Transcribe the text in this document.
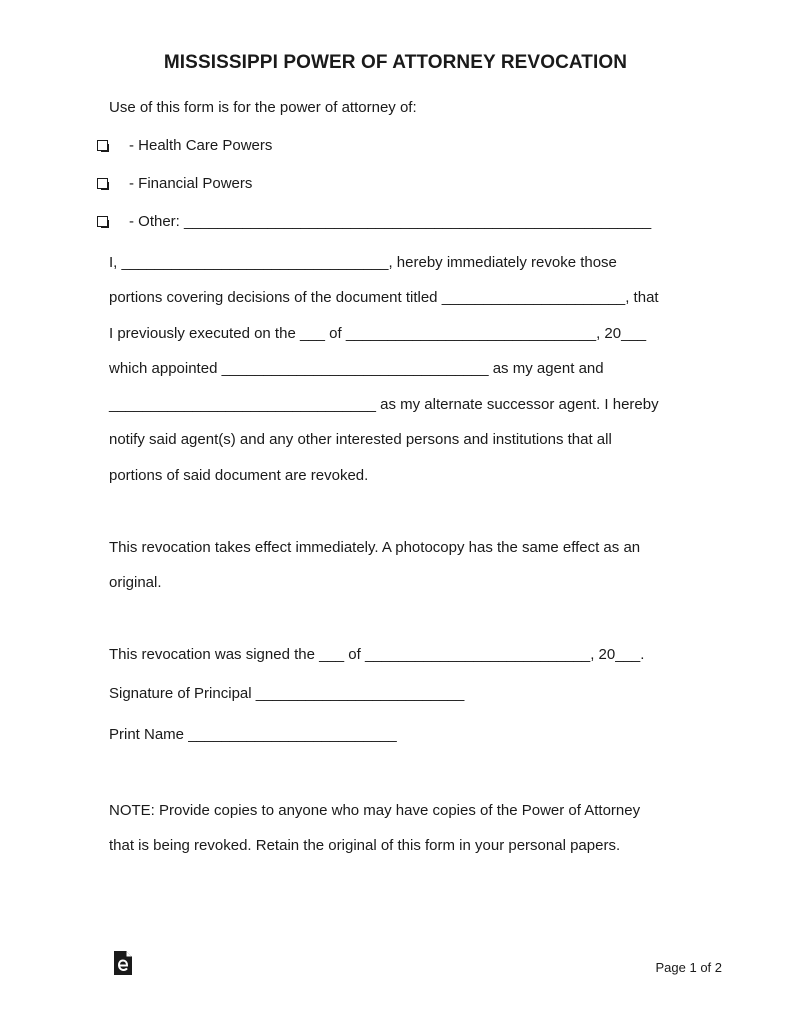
MISSISSIPPI POWER OF ATTORNEY REVOCATION
Use of this form is for the power of attorney of:
- Health Care Powers
- Financial Powers
- Other: ________________________________________________________
I, ________________________________, hereby immediately revoke those
portions covering decisions of the document titled ______________________, that
I previously executed on the ___ of ______________________________, 20___
which appointed ________________________________ as my agent and
________________________________ as my alternate successor agent. I hereby
notify said agent(s) and any other interested persons and institutions that all
portions of said document are revoked.
This revocation takes effect immediately. A photocopy has the same effect as an
original.
This revocation was signed the ___ of ___________________________, 20___.
Signature of Principal _________________________
Print Name _________________________
NOTE: Provide copies to anyone who may have copies of the Power of Attorney
that is being revoked. Retain the original of this form in your personal papers.
Page 1 of 2
